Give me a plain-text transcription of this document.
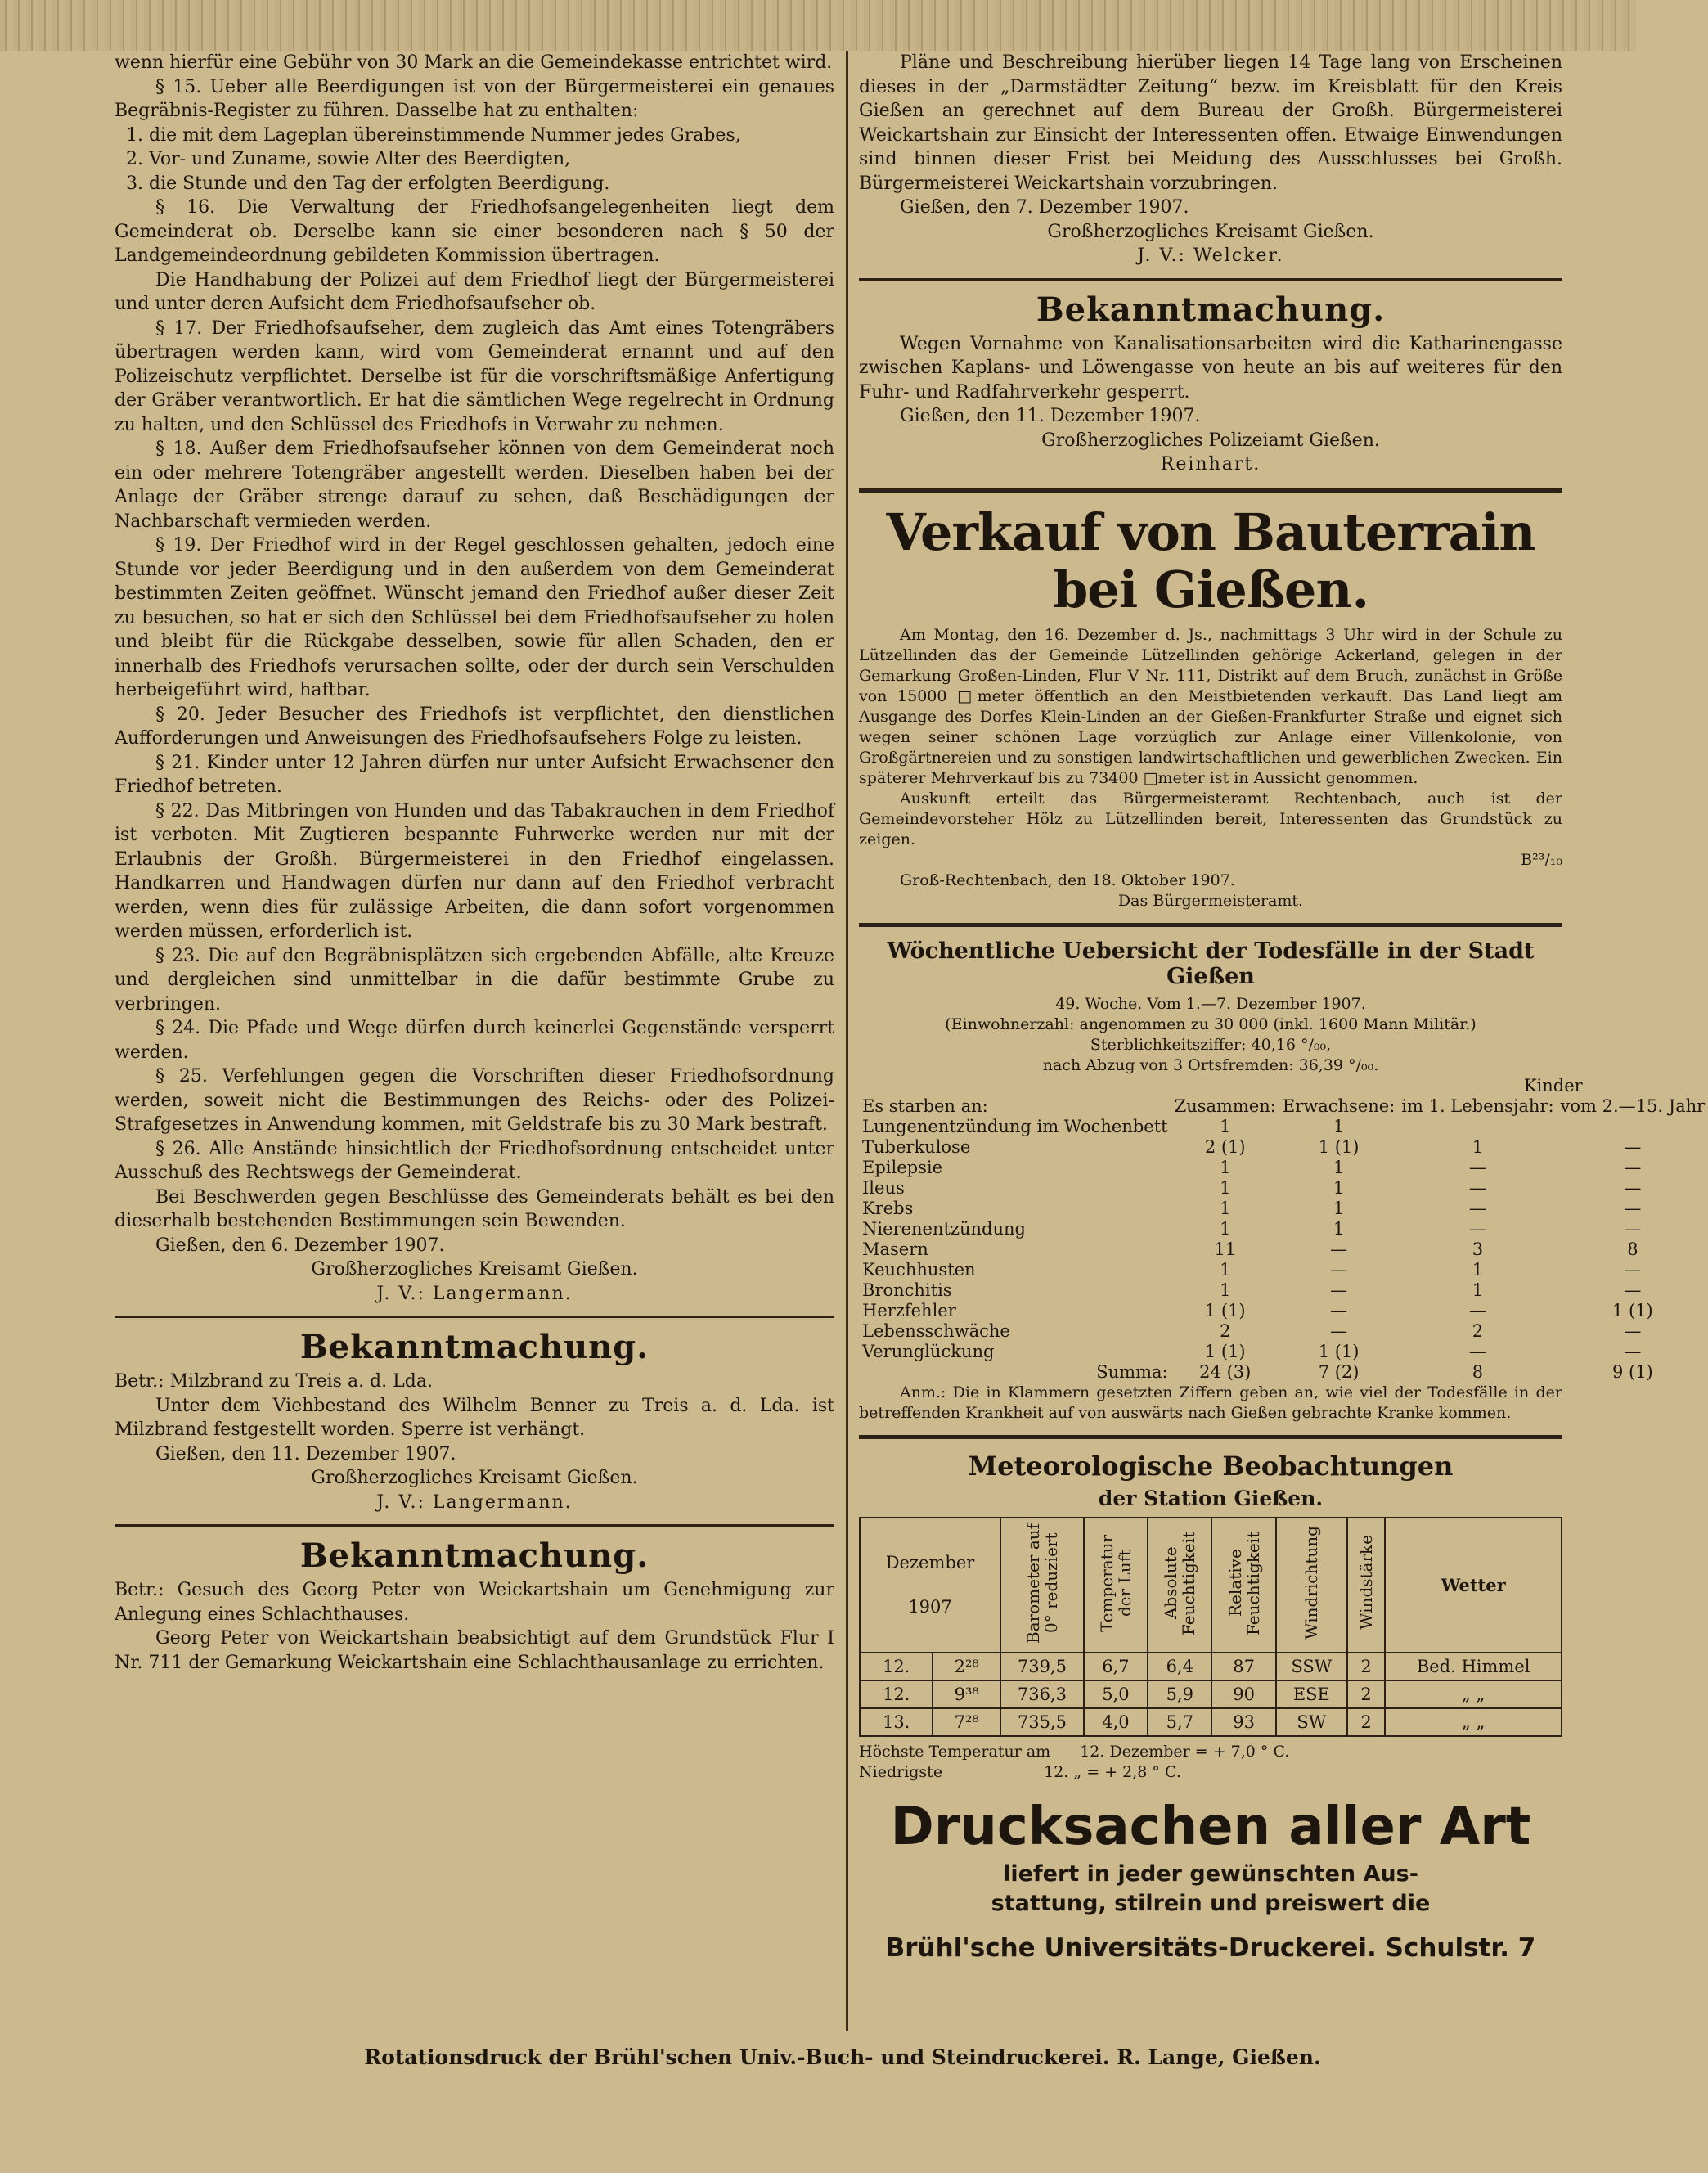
wenn hierfür eine Gebühr von 30 Mark an die Gemeindekasse entrichtet wird.

§ 15. Ueber alle Beerdigungen ist von der Bürgermeisterei ein genaues Begräbnis-Register zu führen. Dasselbe hat zu enthalten:

1. die mit dem Lageplan übereinstimmende Nummer jedes Grabes,

2. Vor- und Zuname, sowie Alter des Beerdigten,

3. die Stunde und den Tag der erfolgten Beerdigung.

§ 16. Die Verwaltung der Friedhofsangelegenheiten liegt dem Gemeinderat ob. Derselbe kann sie einer besonderen nach § 50 der Landgemeindeordnung gebildeten Kommission übertragen.

Die Handhabung der Polizei auf dem Friedhof liegt der Bürgermeisterei und unter deren Aufsicht dem Friedhofsaufseher ob.

§ 17. Der Friedhofsaufseher, dem zugleich das Amt eines Totengräbers übertragen werden kann, wird vom Gemeinderat ernannt und auf den Polizeischutz verpflichtet. Derselbe ist für die vorschriftsmäßige Anfertigung der Gräber verantwortlich. Er hat die sämtlichen Wege regelrecht in Ordnung zu halten, und den Schlüssel des Friedhofs in Verwahr zu nehmen.

§ 18. Außer dem Friedhofsaufseher können von dem Gemeinderat noch ein oder mehrere Totengräber angestellt werden. Dieselben haben bei der Anlage der Gräber strenge darauf zu sehen, daß Beschädigungen der Nachbarschaft vermieden werden.

§ 19. Der Friedhof wird in der Regel geschlossen gehalten, jedoch eine Stunde vor jeder Beerdigung und in den außerdem von dem Gemeinderat bestimmten Zeiten geöffnet. Wünscht jemand den Friedhof außer dieser Zeit zu besuchen, so hat er sich den Schlüssel bei dem Friedhofsaufseher zu holen und bleibt für die Rückgabe desselben, sowie für allen Schaden, den er innerhalb des Friedhofs verursachen sollte, oder der durch sein Verschulden herbeigeführt wird, haftbar.

§ 20. Jeder Besucher des Friedhofs ist verpflichtet, den dienstlichen Aufforderungen und Anweisungen des Friedhofsaufsehers Folge zu leisten.

§ 21. Kinder unter 12 Jahren dürfen nur unter Aufsicht Erwachsener den Friedhof betreten.

§ 22. Das Mitbringen von Hunden und das Tabakrauchen in dem Friedhof ist verboten. Mit Zugtieren bespannte Fuhrwerke werden nur mit der Erlaubnis der Großh. Bürgermeisterei in den Friedhof eingelassen. Handkarren und Handwagen dürfen nur dann auf den Friedhof verbracht werden, wenn dies für zulässige Arbeiten, die dann sofort vorgenommen werden müssen, erforderlich ist.

§ 23. Die auf den Begräbnisplätzen sich ergebenden Abfälle, alte Kreuze und dergleichen sind unmittelbar in die dafür bestimmte Grube zu verbringen.

§ 24. Die Pfade und Wege dürfen durch keinerlei Gegenstände versperrt werden.

§ 25. Verfehlungen gegen die Vorschriften dieser Friedhofsordnung werden, soweit nicht die Bestimmungen des Reichs- oder des Polizei-Strafgesetzes in Anwendung kommen, mit Geldstrafe bis zu 30 Mark bestraft.

§ 26. Alle Anstände hinsichtlich der Friedhofsordnung entscheidet unter Ausschuß des Rechtswegs der Gemeinderat.

Bei Beschwerden gegen Beschlüsse des Gemeinderats behält es bei den dieserhalb bestehenden Bestimmungen sein Bewenden.

Gießen, den 6. Dezember 1907.

Großherzogliches Kreisamt Gießen.

J. V.: Langermann.

Bekanntmachung.

Betr.: Milzbrand zu Treis a. d. Lda.

Unter dem Viehbestand des Wilhelm Benner zu Treis a. d. Lda. ist Milzbrand festgestellt worden. Sperre ist verhängt.

Gießen, den 11. Dezember 1907.

Großherzogliches Kreisamt Gießen.

J. V.: Langermann.

Bekanntmachung.

Betr.: Gesuch des Georg Peter von Weickartshain um Genehmigung zur Anlegung eines Schlachthauses.

Georg Peter von Weickartshain beabsichtigt auf dem Grundstück Flur I Nr. 711 der Gemarkung Weickartshain eine Schlachthausanlage zu errichten.

Pläne und Beschreibung hierüber liegen 14 Tage lang von Erscheinen dieses in der „Darmstädter Zeitung“ bezw. im Kreisblatt für den Kreis Gießen an gerechnet auf dem Bureau der Großh. Bürgermeisterei Weickartshain zur Einsicht der Interessenten offen. Etwaige Einwendungen sind binnen dieser Frist bei Meidung des Ausschlusses bei Großh. Bürgermeisterei Weickartshain vorzubringen.

Gießen, den 7. Dezember 1907.

Großherzogliches Kreisamt Gießen.

J. V.: Welcker.

Bekanntmachung.

Wegen Vornahme von Kanalisationsarbeiten wird die Katharinengasse zwischen Kaplans- und Löwengasse von heute an bis auf weiteres für den Fuhr- und Radfahrverkehr gesperrt.

Gießen, den 11. Dezember 1907.

Großherzogliches Polizeiamt Gießen.

Reinhart.

Verkauf von Bauterrain bei Gießen.

Am Montag, den 16. Dezember d. Js., nachmittags 3 Uhr wird in der Schule zu Lützellinden das der Gemeinde Lützellinden gehörige Ackerland, gelegen in der Gemarkung Großen-Linden, Flur V Nr. 111, Distrikt auf dem Bruch, zunächst in Größe von 15000 □meter öffentlich an den Meistbietenden verkauft. Das Land liegt am Ausgange des Dorfes Klein-Linden an der Gießen-Frankfurter Straße und eignet sich wegen seiner schönen Lage vorzüglich zur Anlage einer Villenkolonie, von Großgärtnereien und zu sonstigen landwirtschaftlichen und gewerblichen Zwecken. Ein späterer Mehrverkauf bis zu 73400 □meter ist in Aussicht genommen.

Auskunft erteilt das Bürgermeisteramt Rechtenbach, auch ist der Gemeindevorsteher Hölz zu Lützellinden bereit, Interessenten das Grundstück zu zeigen.

B²³/₁₀

Groß-Rechtenbach, den 18. Oktober 1907.

Das Bürgermeisteramt.

Wöchentliche Uebersicht der Todesfälle in der Stadt Gießen

49. Woche. Vom 1.—7. Dezember 1907.

(Einwohnerzahl: angenommen zu 30 000 (inkl. 1600 Mann Militär.)

Sterblichkeitsziffer: 40,16 °/₀₀,

nach Abzug von 3 Ortsfremden: 36,39 °/₀₀.

			Kinder	
Es starben an:	Zusammen:	Erwachsene:	im 1. Lebensjahr:	vom 2.—15. Jahr
Lungenentzündung im Wochenbett	1	1		
Tuberkulose	2 (1)	1 (1)	1	—
Epilepsie	1	1	—	—
Ileus	1	1	—	—
Krebs	1	1	—	—
Nierenentzündung	1	1	—	—
Masern	11	—	3	8
Keuchhusten	1	—	1	—
Bronchitis	1	—	1	—
Herzfehler	1 (1)	—	—	1 (1)
Lebensschwäche	2	—	2	—
Verunglückung	1 (1)	1 (1)	—	—
Summa:	24 (3)	7 (2)	8	9 (1)

Anm.: Die in Klammern gesetzten Ziffern geben an, wie viel der Todesfälle in der betreffenden Krankheit auf von auswärts nach Gießen gebrachte Kranke kommen.

Meteorologische Beobachtungen
der Station Gießen.
Dezember
1907		Barometer auf 0° reduziert	Temperatur der Luft	Absolute Feuchtigkeit	Relative Feuchtigkeit	Windrichtung	Windstärke	Wetter
12.	2²⁸	739,5	6,7	6,4	87	SSW	2	Bed. Himmel
12.	9³⁸	736,3	5,0	5,9	90	ESE	2	„ „
13.	7²⁸	735,5	4,0	5,7	93	SW	2	„ „

Höchste Temperatur am 12. Dezember = + 7,0 ° C.

Niedrigste	12. „ = + 2,8 ° C.

Drucksachen aller Art
liefert in jeder gewünschten Aus-
stattung, stilrein und preiswert die
Brühl'sche Universitäts-Druckerei. Schulstr. 7
Rotationsdruck der Brühl'schen Univ.-Buch- und Steindruckerei. R. Lange, Gießen.
